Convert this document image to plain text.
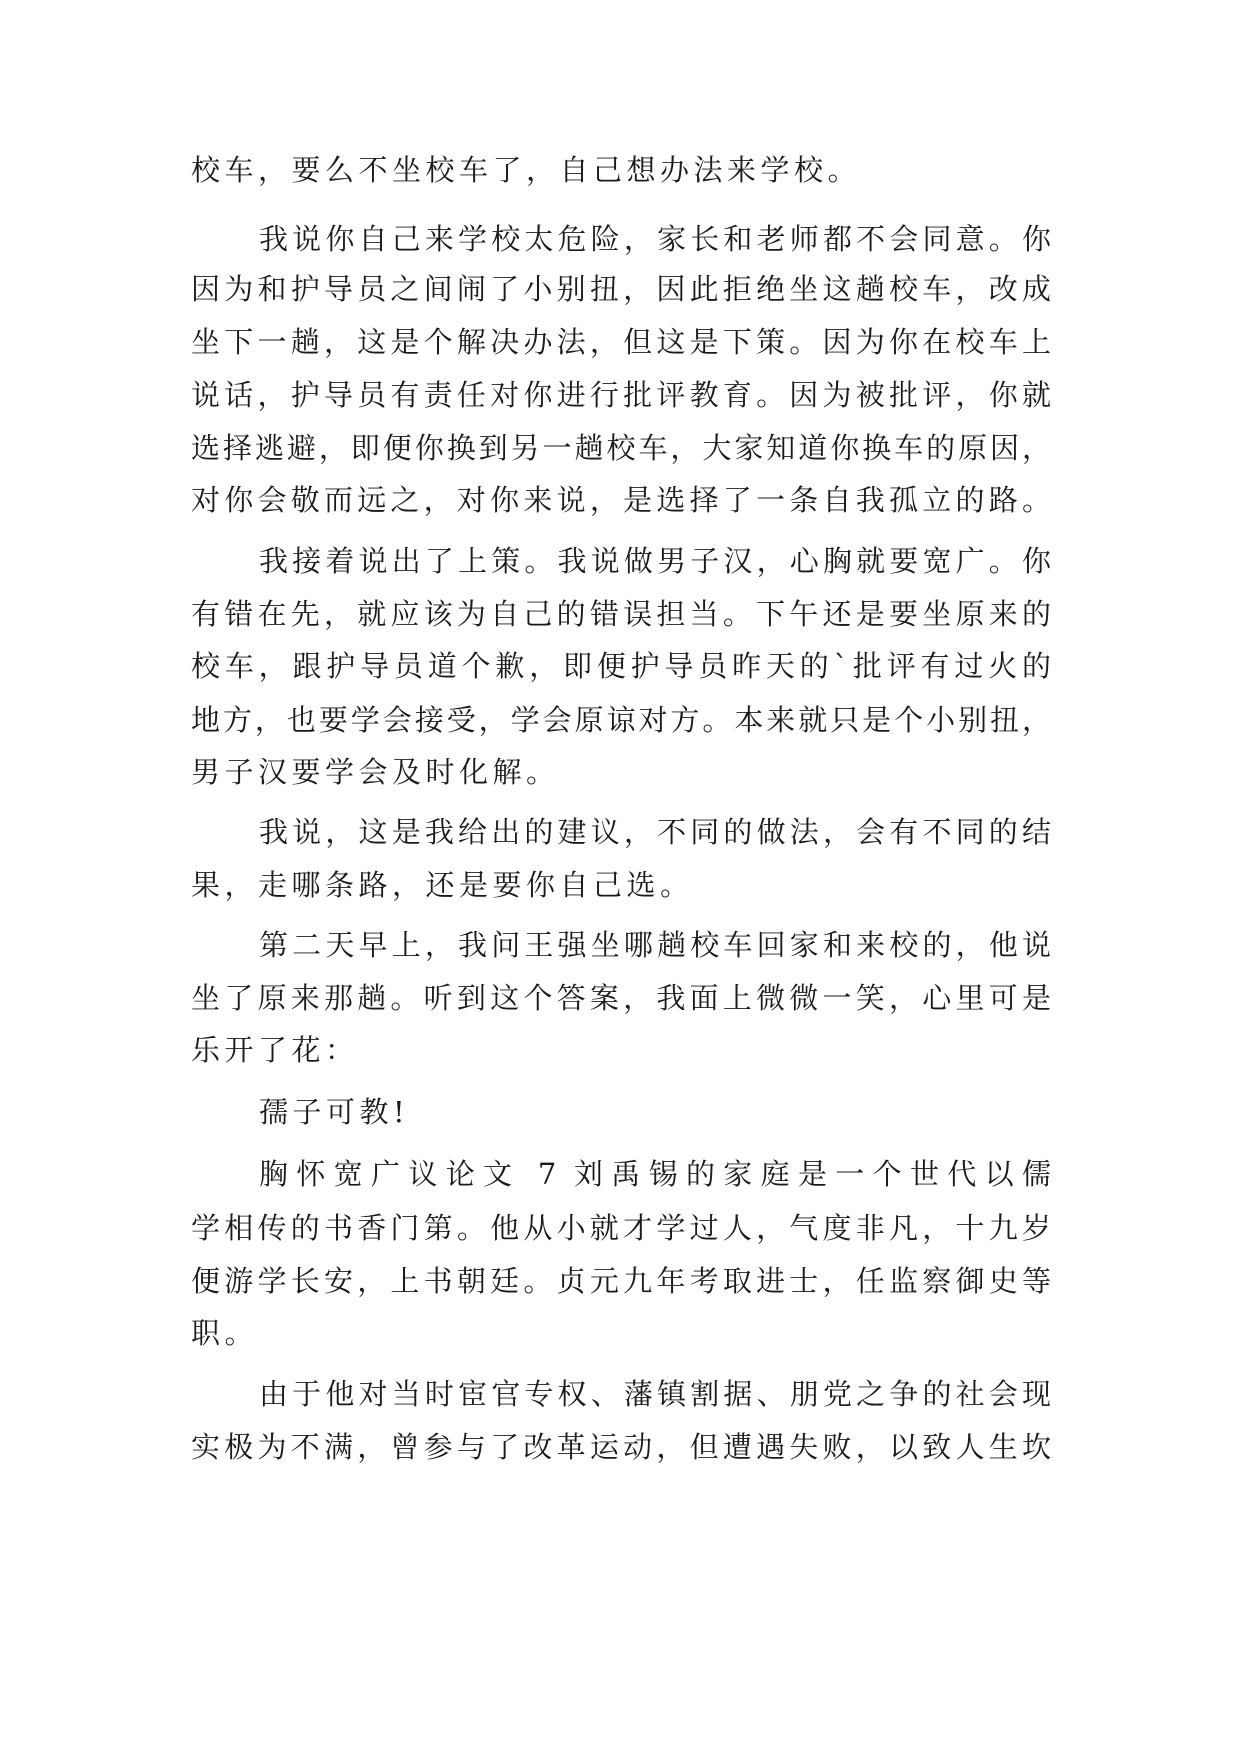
校车，要么不坐校车了，自己想办法来学校。
我说你自己来学校太危险，家长和老师都不会同意。你
因为和护导员之间闹了小别扭，因此拒绝坐这趟校车，改成
坐下一趟，这是个解决办法，但这是下策。因为你在校车上
说话，护导员有责任对你进行批评教育。因为被批评，你就
选择逃避，即便你换到另一趟校车，大家知道你换车的原因，
对你会敬而远之，对你来说，是选择了一条自我孤立的路。
我接着说出了上策。我说做男子汉，心胸就要宽广。你
有错在先，就应该为自己的错误担当。下午还是要坐原来的
校车，跟护导员道个歉，即便护导员昨天的`批评有过火的
地方，也要学会接受，学会原谅对方。本来就只是个小别扭，
男子汉要学会及时化解。
我说，这是我给出的建议，不同的做法，会有不同的结
果，走哪条路，还是要你自己选。
第二天早上，我问王强坐哪趟校车回家和来校的，他说
坐了原来那趟。听到这个答案，我面上微微一笑，心里可是
乐开了花：
孺子可教!
胸怀宽广议论文 7 刘禹锡的家庭是一个世代以儒
学相传的书香门第。他从小就才学过人，气度非凡，十九岁
便游学长安，上书朝廷。贞元九年考取进士，任监察御史等
职。
由于他对当时宦官专权、藩镇割据、朋党之争的社会现
实极为不满，曾参与了改革运动，但遭遇失败，以致人生坎
